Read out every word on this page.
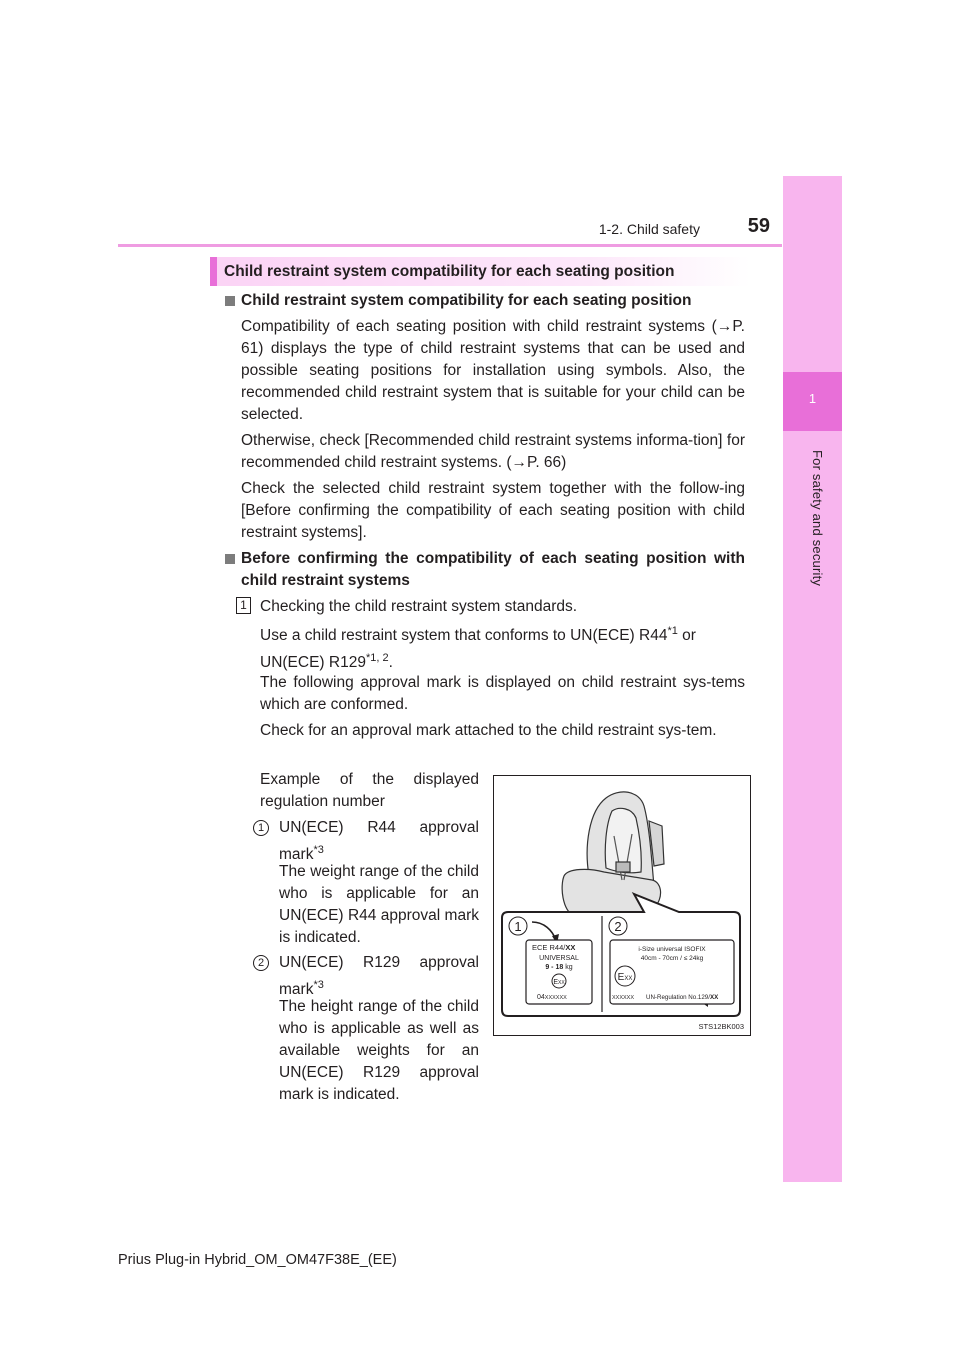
1
For safety and security
1-2. Child safety	59
Child restraint system compatibility for each seating position
Child restraint system compatibility for each seating position
Compatibility of each seating position with child restraint systems (→P. 61) displays the type of child restraint systems that can be used and possible seating positions for installation using symbols. Also, the recommended child restraint system that is suitable for your child can be selected.
Otherwise, check [Recommended child restraint systems informa-tion] for recommended child restraint systems. (→P. 66)
Check the selected child restraint system together with the follow-ing [Before confirming the compatibility of each seating position with child restraint systems].
Before confirming the compatibility of each seating position with child restraint systems
1 Checking the child restraint system standards.
Use a child restraint system that conforms to UN(ECE) R44$^{*1}$ or
UN(ECE) R129$^{*1, 2}$.
The following approval mark is displayed on child restraint sys-tems which are conformed.
Check for an approval mark attached to the child restraint sys-tem.
Example of the displayed regulation number
1 UN(ECE) R44 approval mark$^{*3}$
The weight range of the child who is applicable for an UN(ECE) R44 approval mark is indicated.
2 UN(ECE) R129 approval mark$^{*3}$
The height range of the child who is applicable as well as available weights for an UN(ECE) R129 approval mark is indicated.
1	2
ECE R44/XX
UNIVERSAL
9 - 18 kg
EXX
04XXXXXX
i-Size universal ISOFIX
40cm - 70cm / ≤ 24kg
EXX
XXXXXX UN-Regulation No.129/XX
STS12BK003
Prius Plug-in Hybrid_OM_OM47F38E_(EE)
